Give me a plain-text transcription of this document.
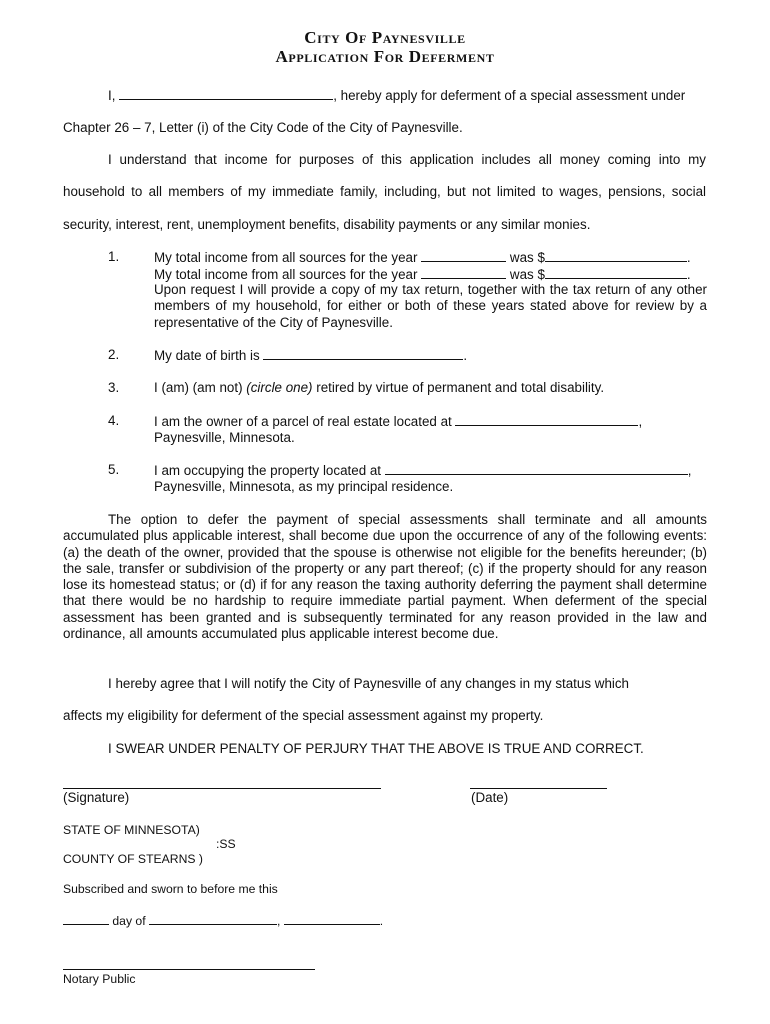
City Of Paynesville
Application For Deferment
I,	, hereby apply for deferment of a special assessment under
Chapter 26 – 7, Letter (i) of the City Code of the City of Paynesville.
I understand that income for purposes of this application includes all money coming into my
household to all members of my immediate family, including, but not limited to wages, pensions, social
security, interest, rent, unemployment benefits, disability payments or any similar monies.
1.	My total income from all sources for the year	was $	.
My total income from all sources for the year	was $	.
Upon request I will provide a copy of my tax return, together with the tax return of any other members of my household, for either or both of these years stated above for review by a representative of the City of Paynesville.
2.	My date of birth is	.
3.	I (am) (am not) (circle one) retired by virtue of permanent and total disability.
4.	I am the owner of a parcel of real estate located at	,
Paynesville, Minnesota.
5.	I am occupying the property located at	,
Paynesville, Minnesota, as my principal residence.
The option to defer the payment of special assessments shall terminate and all amounts accumulated plus applicable interest, shall become due upon the occurrence of any of the following events: (a) the death of the owner, provided that the spouse is otherwise not eligible for the benefits hereunder; (b) the sale, transfer or subdivision of the property or any part thereof; (c) if the property should for any reason lose its homestead status; or (d) if for any reason the taxing authority deferring the payment shall determine that there would be no hardship to require immediate partial payment. When deferment of the special assessment has been granted and is subsequently terminated for any reason provided in the law and ordinance, all amounts accumulated plus applicable interest become due.
I hereby agree that I will notify the City of Paynesville of any changes in my status which
affects my eligibility for deferment of the special assessment against my property.
I SWEAR UNDER PENALTY OF PERJURY THAT THE ABOVE IS TRUE AND CORRECT.
(Signature)	(Date)
STATE OF MINNESOTA)
:SS
COUNTY OF STEARNS )
Subscribed and sworn to before me this
day of	,	.
Notary Public
